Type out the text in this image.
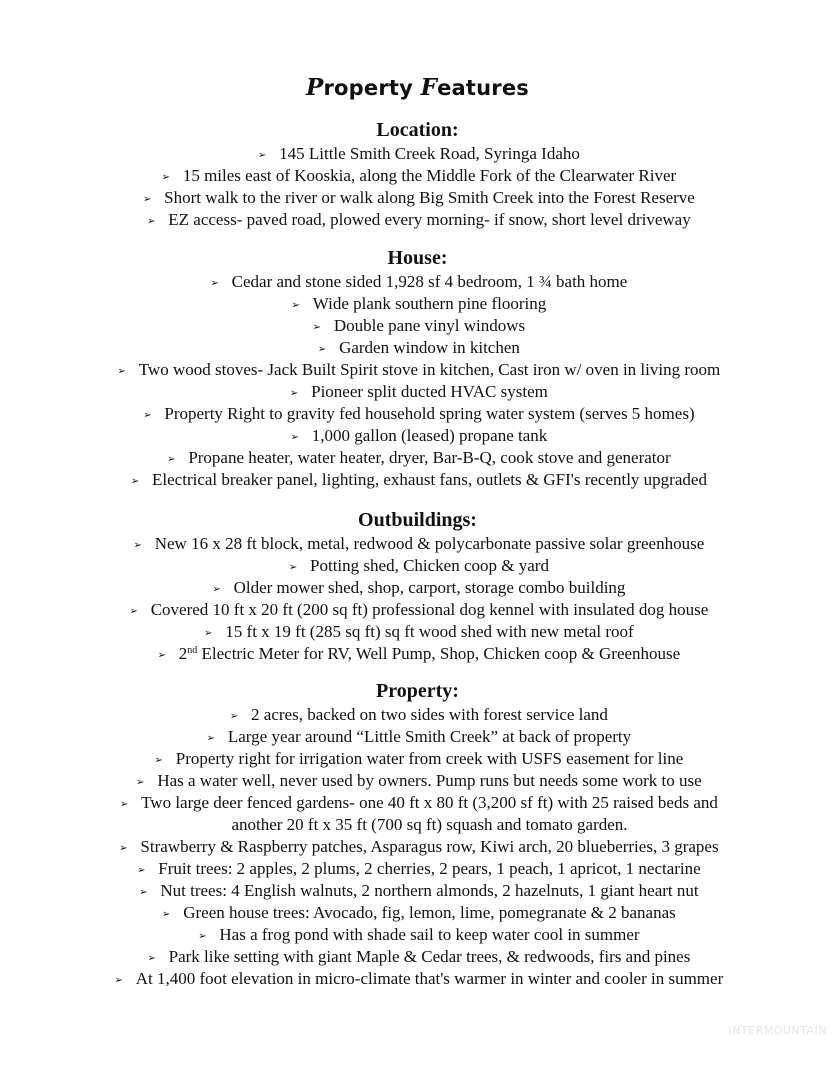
Property Features
Location:
➢ 145 Little Smith Creek Road, Syringa Idaho
➢ 15 miles east of Kooskia, along the Middle Fork of the Clearwater River
➢ Short walk to the river or walk along Big Smith Creek into the Forest Reserve
➢ EZ access- paved road, plowed every morning- if snow, short level driveway
House:
➢ Cedar and stone sided 1,928 sf 4 bedroom, 1 ¾ bath home
➢ Wide plank southern pine flooring
➢ Double pane vinyl windows
➢ Garden window in kitchen
➢ Two wood stoves- Jack Built Spirit stove in kitchen, Cast iron w/ oven in living room
➢ Pioneer split ducted HVAC system
➢ Property Right to gravity fed household spring water system (serves 5 homes)
➢ 1,000 gallon (leased) propane tank
➢ Propane heater, water heater, dryer, Bar-B-Q, cook stove and generator
➢ Electrical breaker panel, lighting, exhaust fans, outlets & GFI's recently upgraded
Outbuildings:
➢ New 16 x 28 ft block, metal, redwood & polycarbonate passive solar greenhouse
➢ Potting shed, Chicken coop & yard
➢ Older mower shed, shop, carport, storage combo building
➢ Covered 10 ft x 20 ft (200 sq ft) professional dog kennel with insulated dog house
➢ 15 ft x 19 ft (285 sq ft) sq ft wood shed with new metal roof
➢ 2nd Electric Meter for RV, Well Pump, Shop, Chicken coop & Greenhouse
Property:
➢ 2 acres, backed on two sides with forest service land
➢ Large year around “Little Smith Creek” at back of property
➢ Property right for irrigation water from creek with USFS easement for line
➢ Has a water well, never used by owners. Pump runs but needs some work to use
➢ Two large deer fenced gardens- one 40 ft x 80 ft (3,200 sf ft) with 25 raised beds and
another 20 ft x 35 ft (700 sq ft) squash and tomato garden.
➢ Strawberry & Raspberry patches, Asparagus row, Kiwi arch, 20 blueberries, 3 grapes
➢ Fruit trees: 2 apples, 2 plums, 2 cherries, 2 pears, 1 peach, 1 apricot, 1 nectarine
➢ Nut trees: 4 English walnuts, 2 northern almonds, 2 hazelnuts, 1 giant heart nut
➢ Green house trees: Avocado, fig, lemon, lime, pomegranate & 2 bananas
➢ Has a frog pond with shade sail to keep water cool in summer
➢ Park like setting with giant Maple & Cedar trees, & redwoods, firs and pines
➢ At 1,400 foot elevation in micro-climate that's warmer in winter and cooler in summer
INTERMOUNTAIN
